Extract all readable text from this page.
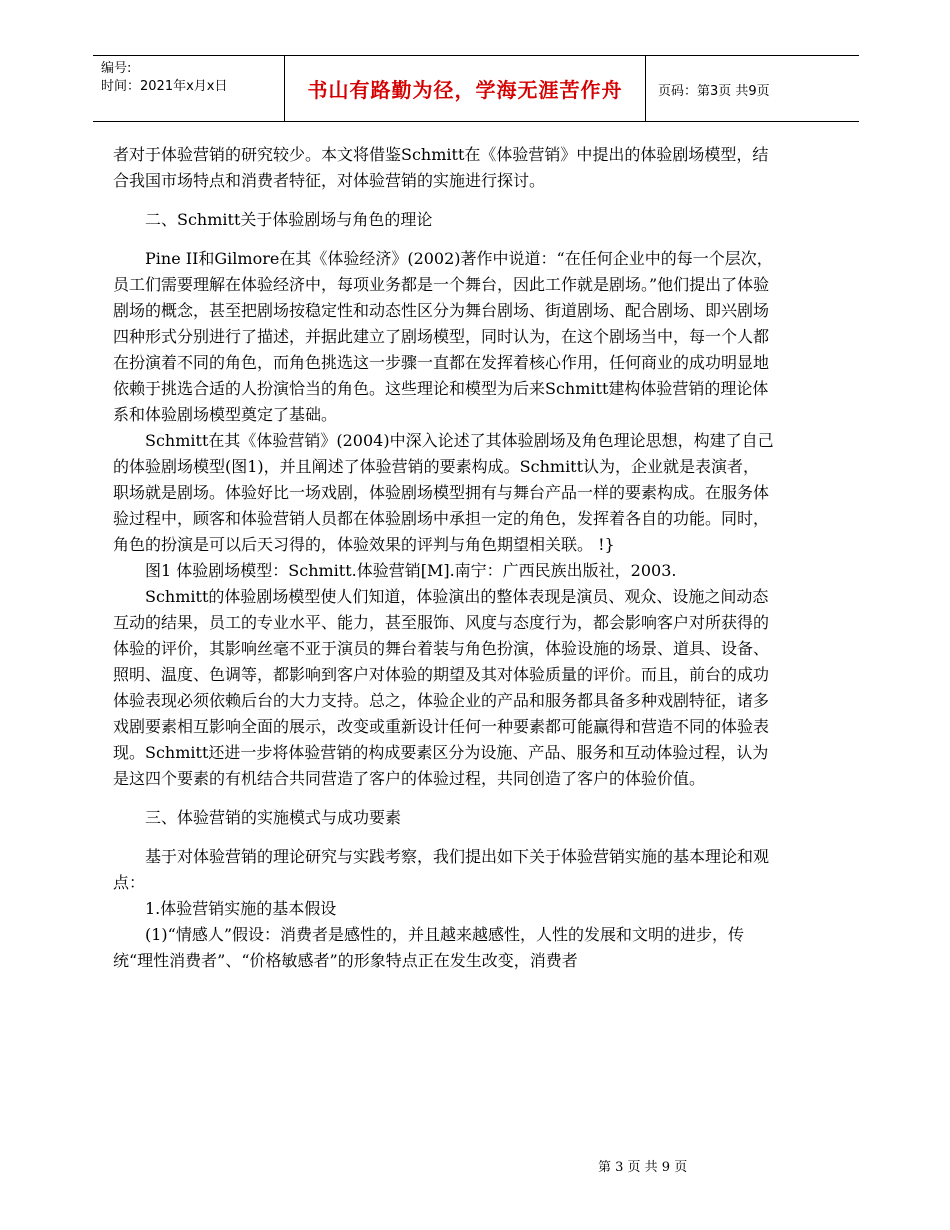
编号:
时间：2021年x月x日	书山有路勤为径，学海无涯苦作舟	页码：第3页 共9页

者对于体验营销的研究较少。本文将借鉴Schmitt在《体验营销》中提出的体验剧场模型，结合我国市场特点和消费者特征，对体验营销的实施进行探讨。

二、Schmitt关于体验剧场与角色的理论

Pine II和Gilmore在其《体验经济》(2002)著作中说道：“在任何企业中的每一个层次，员工们需要理解在体验经济中，每项业务都是一个舞台，因此工作就是剧场。”他们提出了体验剧场的概念，甚至把剧场按稳定性和动态性区分为舞台剧场、街道剧场、配合剧场、即兴剧场四种形式分别进行了描述，并据此建立了剧场模型，同时认为，在这个剧场当中，每一个人都在扮演着不同的角色，而角色挑选这一步骤一直都在发挥着核心作用，任何商业的成功明显地依赖于挑选合适的人扮演恰当的角色。这些理论和模型为后来Schmitt建构体验营销的理论体系和体验剧场模型奠定了基础。

Schmitt在其《体验营销》(2004)中深入论述了其体验剧场及角色理论思想，构建了自己的体验剧场模型(图1)，并且阐述了体验营销的要素构成。Schmitt认为，企业就是表演者，职场就是剧场。体验好比一场戏剧，体验剧场模型拥有与舞台产品一样的要素构成。在服务体验过程中，顾客和体验营销人员都在体验剧场中承担一定的角色，发挥着各自的功能。同时，角色的扮演是可以后天习得的，体验效果的评判与角色期望相关联。 !}

图1 体验剧场模型：Schmitt.体验营销[M].南宁：广西民族出版社，2003.

Schmitt的体验剧场模型使人们知道，体验演出的整体表现是演员、观众、设施之间动态互动的结果，员工的专业水平、能力，甚至服饰、风度与态度行为，都会影响客户对所获得的体验的评价，其影响丝毫不亚于演员的舞台着装与角色扮演，体验设施的场景、道具、设备、照明、温度、色调等，都影响到客户对体验的期望及其对体验质量的评价。而且，前台的成功体验表现必须依赖后台的大力支持。总之，体验企业的产品和服务都具备多种戏剧特征，诸多戏剧要素相互影响全面的展示，改变或重新设计任何一种要素都可能赢得和营造不同的体验表现。Schmitt还进一步将体验营销的构成要素区分为设施、产品、服务和互动体验过程，认为是这四个要素的有机结合共同营造了客户的体验过程，共同创造了客户的体验价值。

三、体验营销的实施模式与成功要素

基于对体验营销的理论研究与实践考察，我们提出如下关于体验营销实施的基本理论和观点：

1.体验营销实施的基本假设

(1)“情感人”假设：消费者是感性的，并且越来越感性，人性的发展和文明的进步，传统“理性消费者”、“价格敏感者”的形象特点正在发生改变，消费者

第 3 页 共 9 页
